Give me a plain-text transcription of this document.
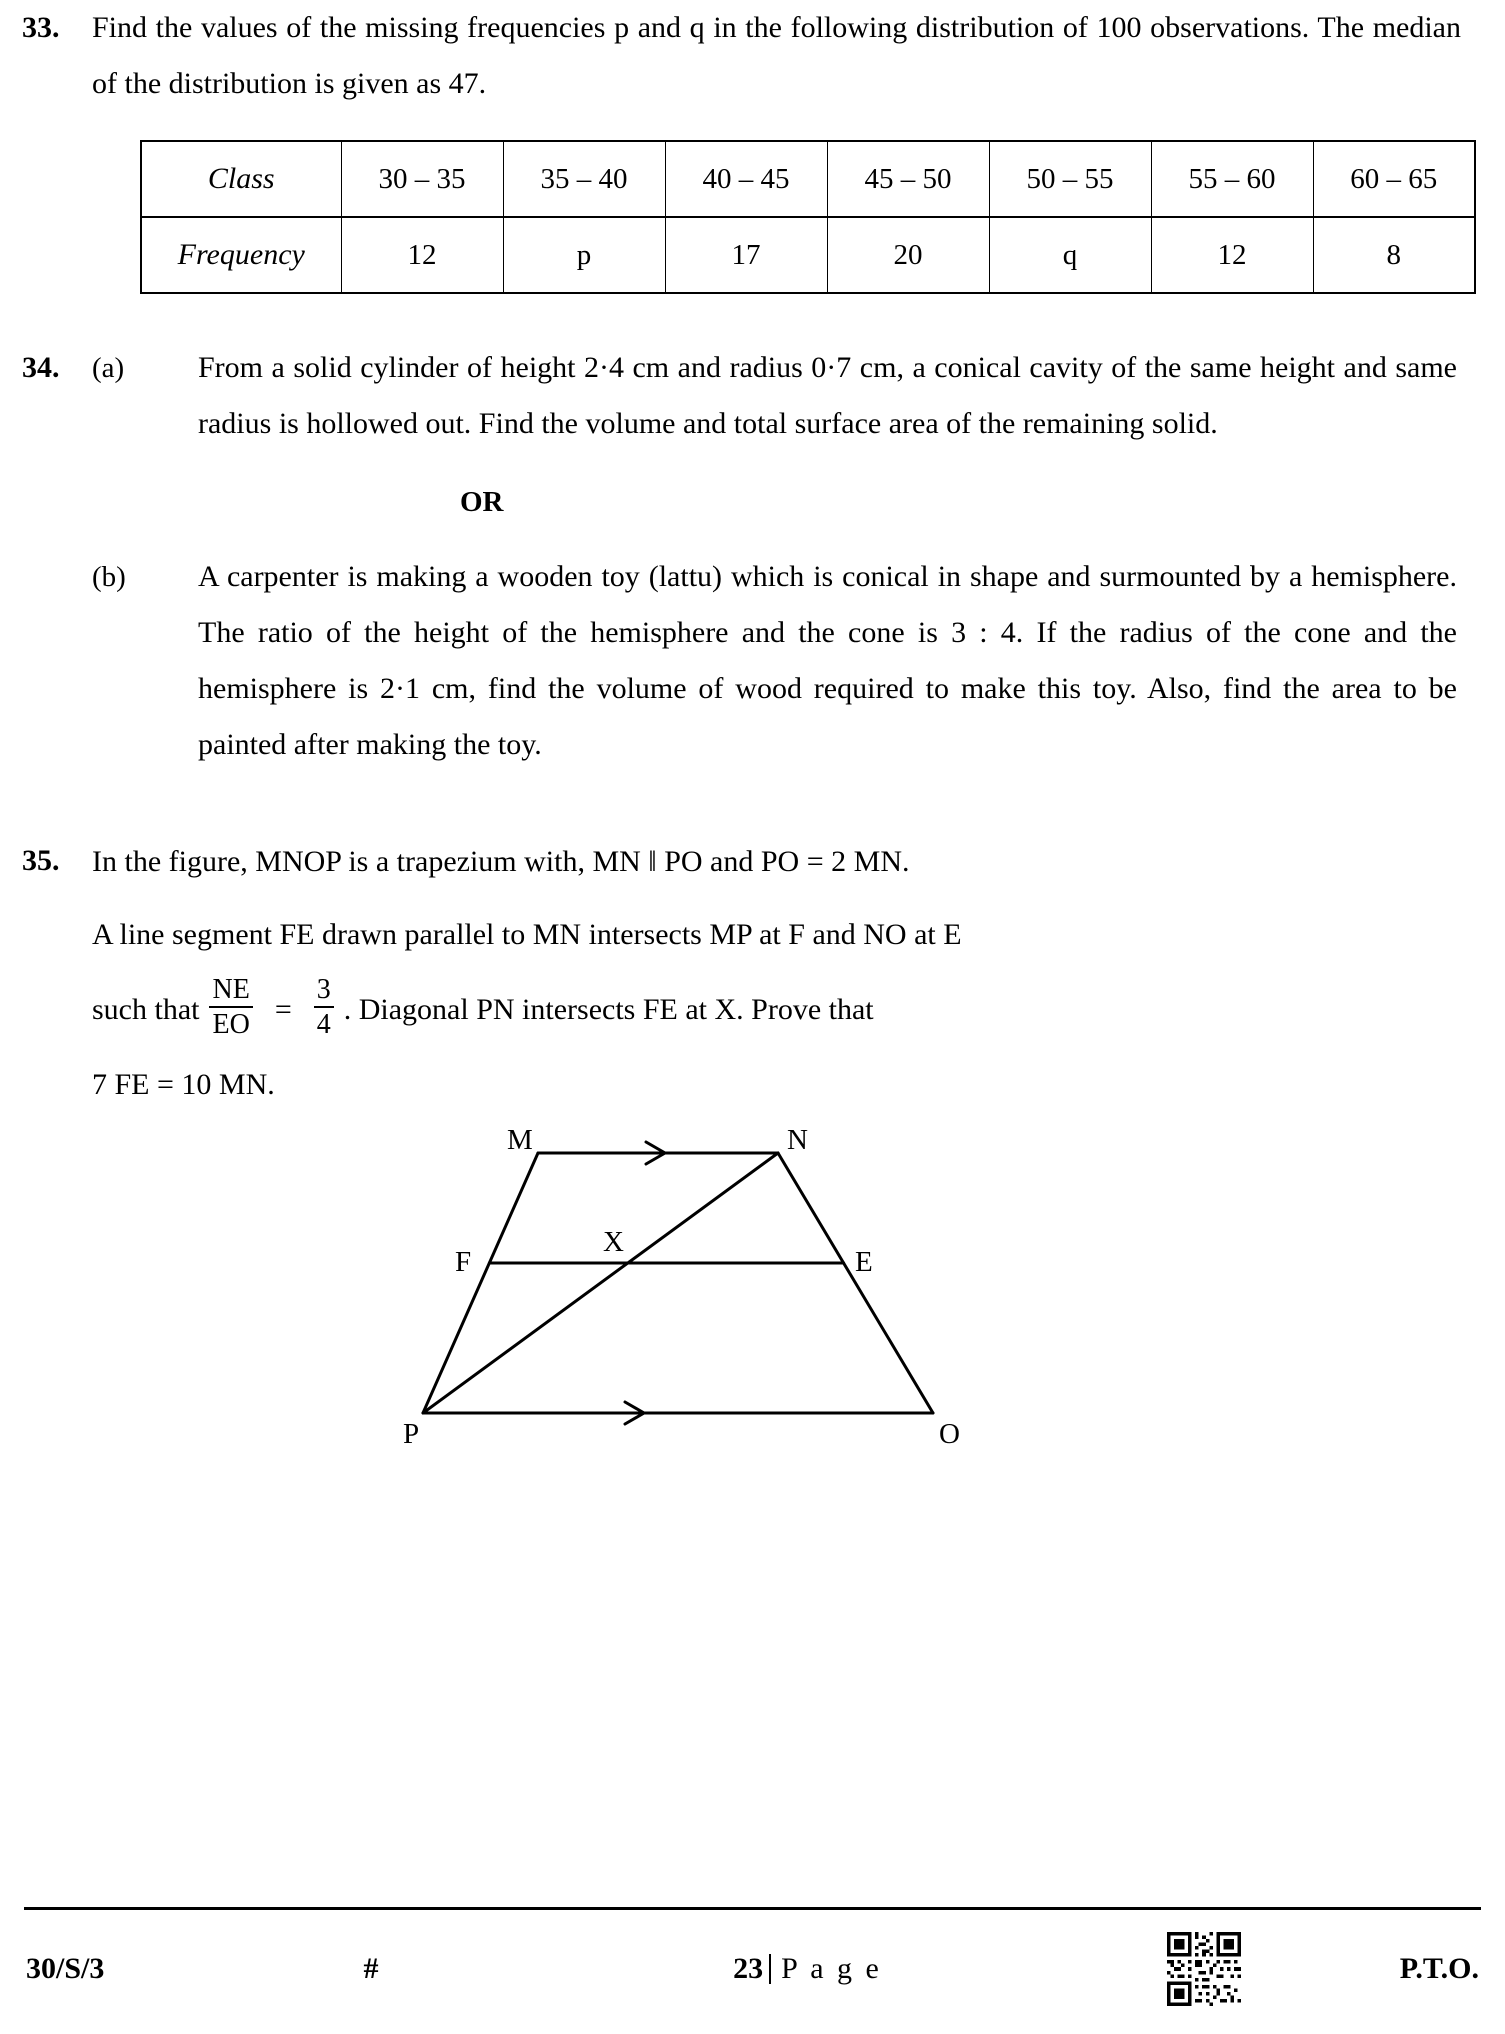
33.	Find the values of the missing frequencies p and q in the following distribution of 100 observations. The median of the distribution is given as 47.
Class	30 – 35	35 – 40	40 – 45	45 – 50	50 – 55	55 – 60	60 – 65
Frequency	12	p	17	20	q	12	8
34.	(a)	From a solid cylinder of height 2·4 cm and radius 0·7 cm, a conical cavity of the same height and same radius is hollowed out. Find the volume and total surface area of the remaining solid.
OR
(b)	A carpenter is making a wooden toy (lattu) which is conical in shape and surmounted by a hemisphere. The ratio of the height of the hemisphere and the cone is 3 : 4. If the radius of the cone and the hemisphere is 2·1 cm, find the volume of wood required to make this toy. Also, find the area to be painted after making the toy.
35.	In the figure, MNOP is a trapezium with, MN ‖ PO and PO = 2 MN.
A line segment FE drawn parallel to MN intersects MP at F and NO at E
such that $\frac{NE}{EO} = \frac{3}{4}$ . Diagonal PN intersects FE at X. Prove that
7 FE = 10 MN.
M	N
F	E
X
P	O
30/S/3	#	23 P a g e	P.T.O.
